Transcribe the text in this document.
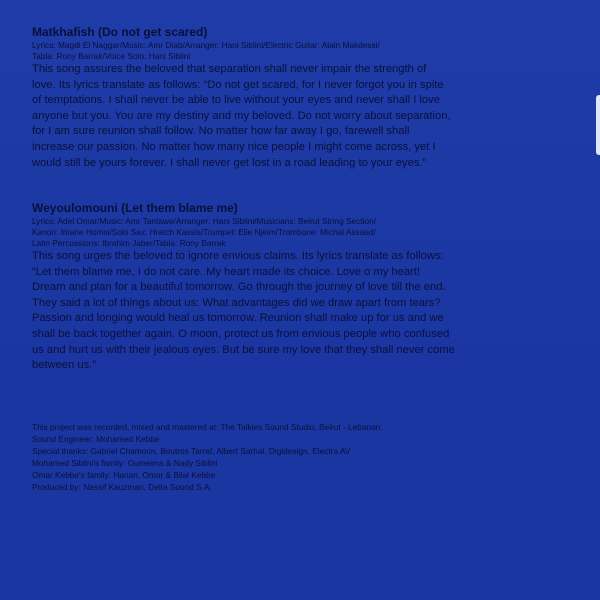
Matkhafish (Do not get scared)

Lyrics: Magdi El Naggar/Music: Amr Diab/Arranger: Hani Siblini/Electric Guitar: Alain Makdessi/
Tabla: Rony Barrak/Voice Solo: Hani Siblini

This song assures the beloved that separation shall never impair the strength of
love. Its lyrics translate as follows: “Do not get scared, for I never forgot you in spite
of temptations. I shall never be able to live without your eyes and never shall I love
anyone but you. You are my destiny and my beloved. Do not worry about separation,
for I am sure reunion shall follow. No matter how far away I go, farewell shall
increase our passion. No matter how many nice people I might come across, yet I
would still be yours forever. I shall never get lost in a road leading to your eyes.”

Weyoulomouni (Let them blame me)

Lyrics: Adel Omar/Music: Amr Tantawe/Arranger: Hani Siblini/Musicians: Beirut String Section/
Kanon: Imane Homsi/Solo Sax: Hratch Kassis/Trumpet: Elie Njeim/Trombone: Michal Assaad/
Latin Percussions: Ibrahim Jaber/Tabla: Rony Barrak

This song urges the beloved to ignore envious claims. Its lyrics translate as follows:
“Let them blame me, I do not care. My heart made its choice. Love o my heart!
Dream and plan for a beautiful tomorrow. Go through the journey of love till the end.
They said a lot of things about us: What advantages did we draw apart from tears?
Passion and longing would heal us tomorrow. Reunion shall make up for us and we
shall be back together again. O moon, protect us from envious people who confused
us and hurt us with their jealous eyes. But be sure my love that they shall never come
between us.”

This project was recorded, mixed and mastered at: The Talkies Sound Studio, Beirut - Lebanon.
Sound Engineer: Mohamed Kebbe
Special thanks: Gabriel Chamoun, Boutros Tarraf, Albert Sarhal, Digidesign, Electra AV
Mohamed Siblini's family: Oumeima & Nady Siblini
Omar Kebbe's family: Hanan, Omar & Bilal Kebbe
Produced by: Nassif Kauzman, Delta Sound S.A.
